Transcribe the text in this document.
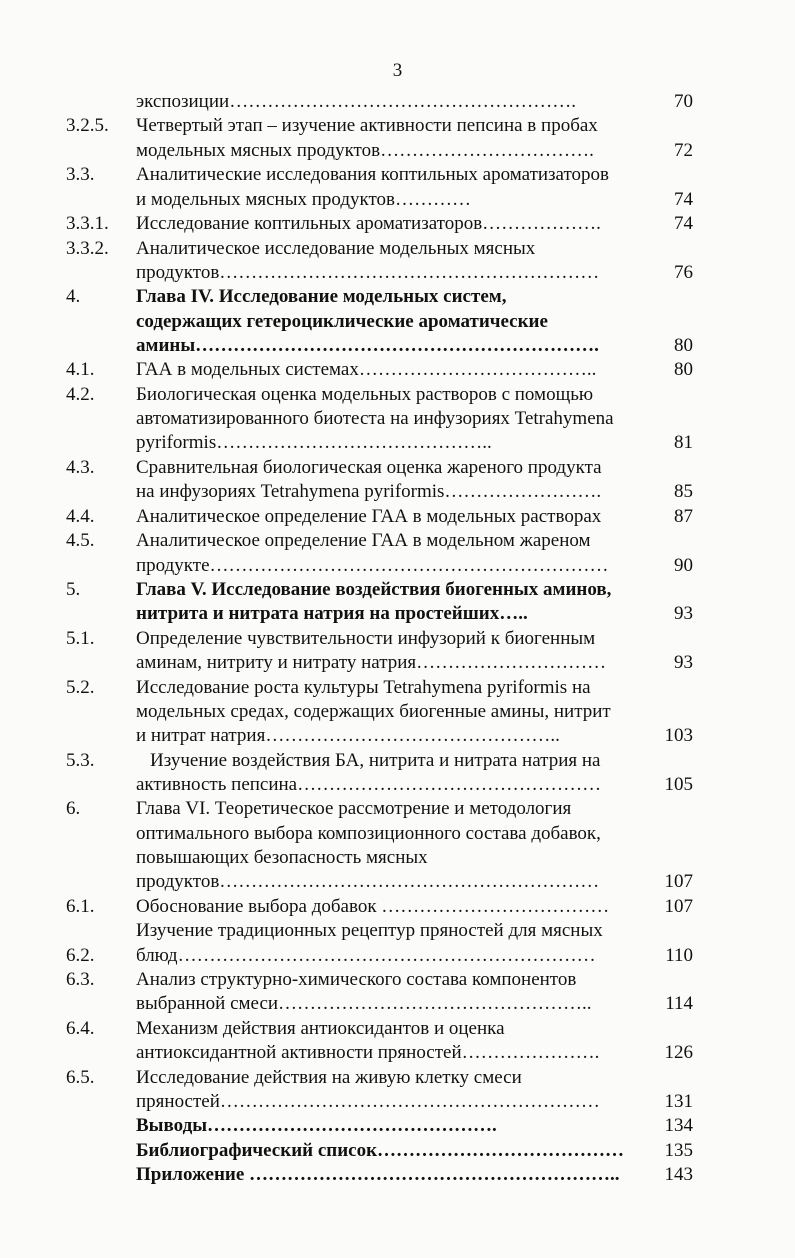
3
экспозиции……………………………………………….	70
3.2.5. Четвертый этап – изучение активности пепсина в пробах
модельных мясных продуктов…………………………….	72
3.3. Аналитические исследования коптильных ароматизаторов
и модельных мясных продуктов…………	74
3.3.1. Исследование коптильных ароматизаторов……………….	74
3.3.2. Аналитическое исследование модельных мясных
продуктов……………………………………………………	76
4.	Глава IV. Исследование модельных систем,
содержащих гетероциклические ароматические
амины……………………………………………………….	80
4.1. ГАА в модельных системах………………………………..	80
4.2. Биологическая оценка модельных растворов с помощью
автоматизированного биотеста на инфузориях Tetrahymena
pyriformis……………………………………..	81
4.3. Сравнительная биологическая оценка жареного продукта
на инфузориях Tetrahymena pyriformis…………………….	85
4.4. Аналитическое определение ГАА в модельных растворах	87
4.5. Аналитическое определение ГАА в модельном жареном
продукте………………………………………………………	90
5.	Глава V. Исследование воздействия биогенных аминов,
нитрита и нитрата натрия на простейших…..	93
5.1. Определение чувствительности инфузорий к биогенным
аминам, нитриту и нитрату натрия…………………………	93
5.2. Исследование роста культуры Tetrahymena pyriformis на
модельных средах, содержащих биогенные амины, нитрит
и нитрат натрия………………………………………..	103
5.3.	Изучение воздействия БА, нитрита и нитрата натрия на
активность пепсина…………………………………………	105
6.	Глава VI. Теоретическое рассмотрение и методология
оптимального выбора композиционного состава добавок,
повышающих безопасность мясных
продуктов……………………………………………………	107
6.1. Обоснование выбора добавок ………………………………	107
6.2.
Изучение традиционных рецептур пряностей для мясных
блюд…………………………………………………………	110
6.3. Анализ структурно-химического состава компонентов
выбранной смеси…………………………………………..	114
6.4. Механизм действия антиоксидантов и оценка
антиоксидантной активности пряностей………………….	126
6.5. Исследование действия на живую клетку смеси
пряностей……………………………………………………	131
Выводы……………………………………….	134
Библиографический список…………………………………	135
Приложение …………………………………………………..	143
